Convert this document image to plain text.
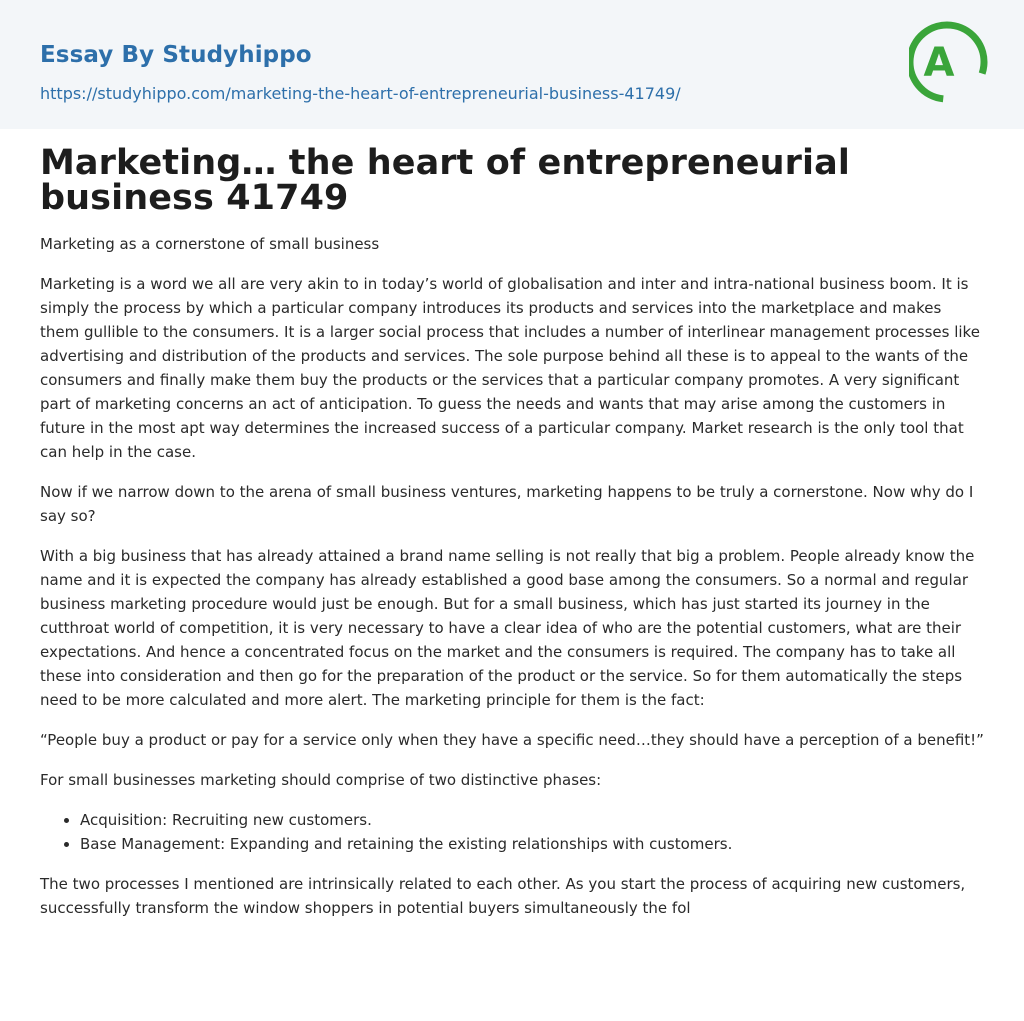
Essay By Studyhippo
https://studyhippo.com/marketing-the-heart-of-entrepreneurial-business-41749/
A
Marketing… the heart of entrepreneurial business 41749
Marketing as a cornerstone of small business

Marketing is a word we all are very akin to in today’s world of globalisation and inter and intra-national business boom. It is simply the process by which a particular company introduces its products and services into the marketplace and makes them gullible to the consumers. It is a larger social process that includes a number of interlinear management processes like advertising and distribution of the products and services. The sole purpose behind all these is to appeal to the wants of the consumers and finally make them buy the products or the services that a particular company promotes. A very significant part of marketing concerns an act of anticipation. To guess the needs and wants that may arise among the customers in future in the most apt way determines the increased success of a particular company. Market research is the only tool that can help in the case.

Now if we narrow down to the arena of small business ventures, marketing happens to be truly a cornerstone. Now why do I say so?

With a big business that has already attained a brand name selling is not really that big a problem. People already know the name and it is expected the company has already established a good base among the consumers. So a normal and regular business marketing procedure would just be enough. But for a small business, which has just started its journey in the cutthroat world of competition, it is very necessary to have a clear idea of who are the potential customers, what are their expectations. And hence a concentrated focus on the market and the consumers is required. The company has to take all these into consideration and then go for the preparation of the product or the service. So for them automatically the steps need to be more calculated and more alert. The marketing principle for them is the fact:

“People buy a product or pay for a service only when they have a specific need…they should have a perception of a benefit!”

For small businesses marketing should comprise of two distinctive phases:

• Acquisition: Recruiting new customers.
• Base Management: Expanding and retaining the existing relationships with customers.

The two processes I mentioned are intrinsically related to each other. As you start the process of acquiring new customers, successfully transform the window shoppers in potential buyers simultaneously the fol
